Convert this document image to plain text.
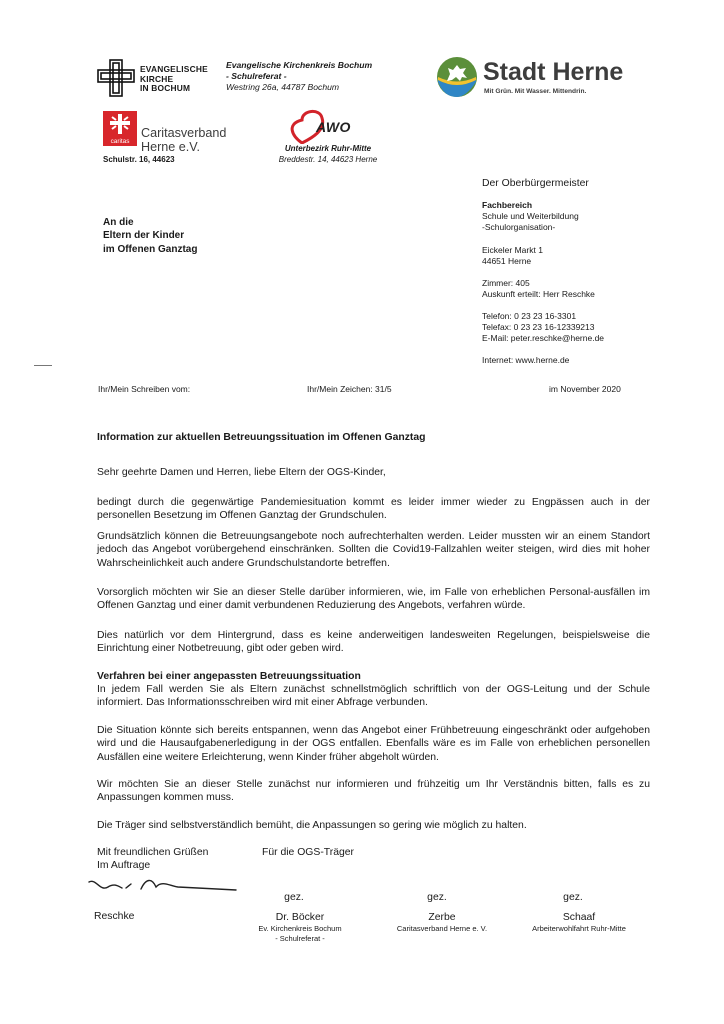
EVANGELISCHE
KIRCHE
IN BOCHUM
Evangelische Kirchenkreis Bochum
- Schulreferat -
Westring 26a, 44787 Bochum
Stadt Herne
Mit Grün. Mit Wasser. Mittendrin.
caritas
Caritasverband
Herne e.V.
Schulstr. 16, 44623
AWO
Unterbezirk Ruhr-Mitte
Breddestr. 14, 44623 Herne
An die
Eltern der Kinder
im Offenen Ganztag
Der Oberbürgermeister
Fachbereich
Schule und Weiterbildung
-Schulorganisation-
Eickeler Markt 1
44651 Herne
Zimmer: 405
Auskunft erteilt: Herr Reschke
Telefon: 0 23 23 16-3301
Telefax: 0 23 23 16-12339213
E-Mail: peter.reschke@herne.de
Internet: www.herne.de
Ihr/Mein Schreiben vom:	Ihr/Mein Zeichen: 31/5	im November 2020
Information zur aktuellen Betreuungssituation im Offenen Ganztag

Sehr geehrte Damen und Herren, liebe Eltern der OGS-Kinder,

bedingt durch die gegenwärtige Pandemiesituation kommt es leider immer wieder zu Engpässen auch in der personellen Besetzung im Offenen Ganztag der Grundschulen.

Grundsätzlich können die Betreuungsangebote noch aufrechterhalten werden. Leider mussten wir an einem Standort jedoch das Angebot vorübergehend einschränken. Sollten die Covid19-Fallzahlen weiter steigen, wird dies mit hoher Wahrscheinlichkeit auch andere Grundschulstandorte betreffen.

Vorsorglich möchten wir Sie an dieser Stelle darüber informieren, wie, im Falle von erheblichen Personal-ausfällen im Offenen Ganztag und einer damit verbundenen Reduzierung des Angebots, verfahren würde.

Dies natürlich vor dem Hintergrund, dass es keine anderweitigen landesweiten Regelungen, beispielsweise die Einrichtung einer Notbetreuung, gibt oder geben wird.

Verfahren bei einer angepassten Betreuungssituation

In jedem Fall werden Sie als Eltern zunächst schnellstmöglich schriftlich von der OGS-Leitung und der Schule informiert. Das Informationsschreiben wird mit einer Abfrage verbunden.

Die Situation könnte sich bereits entspannen, wenn das Angebot einer Frühbetreuung eingeschränkt oder aufgehoben wird und die Hausaufgabenerledigung in der OGS entfallen. Ebenfalls wäre es im Falle von erheblichen personellen Ausfällen eine weitere Erleichterung, wenn Kinder früher abgeholt würden.

Wir möchten Sie an dieser Stelle zunächst nur informieren und frühzeitig um Ihr Verständnis bitten, falls es zu Anpassungen kommen muss.

Die Träger sind selbstverständlich bemüht, die Anpassungen so gering wie möglich zu halten.

Mit freundlichen Grüßen
Im Auftrage
Für die OGS-Träger
Reschke
gez.
Dr. Böcker
Ev. Kirchenkreis Bochum
- Schulreferat -
gez.
Zerbe
Caritasverband Herne e. V.
gez.
Schaaf
Arbeiterwohlfahrt Ruhr-Mitte
